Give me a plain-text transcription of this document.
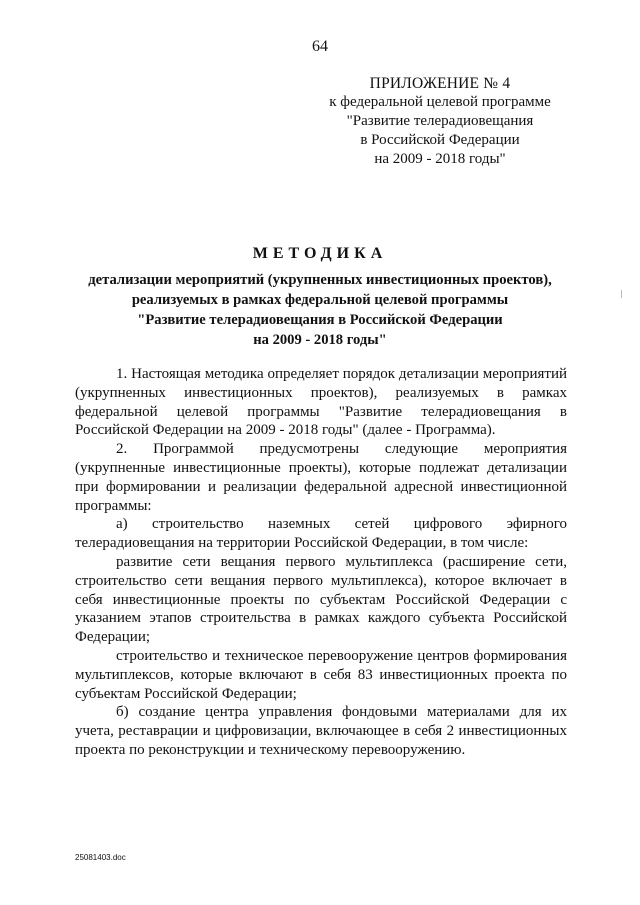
64
ПРИЛОЖЕНИЕ № 4
к федеральной целевой программе
"Развитие телерадиовещания
в Российской Федерации
на 2009 - 2018 годы"
МЕТОДИКА
детализации мероприятий (укрупненных инвестиционных проектов),
реализуемых в рамках федеральной целевой программы
"Развитие телерадиовещания в Российской Федерации
на 2009 - 2018 годы"

1. Настоящая методика определяет порядок детализации мероприятий (укрупненных инвестиционных проектов), реализуемых в рамках федеральной целевой программы "Развитие телерадиовещания в Российской Федерации на 2009 - 2018 годы" (далее - Программа).

2. Программой предусмотрены следующие мероприятия (укрупненные инвестиционные проекты), которые подлежат детализации при формировании и реализации федеральной адресной инвестиционной программы:

а) строительство наземных сетей цифрового эфирного телерадиовещания на территории Российской Федерации, в том числе:

развитие сети вещания первого мультиплекса (расширение сети, строительство сети вещания первого мультиплекса), которое включает в себя инвестиционные проекты по субъектам Российской Федерации с указанием этапов строительства в рамках каждого субъекта Российской Федерации;

строительство и техническое перевооружение центров формирования мультиплексов, которые включают в себя 83 инвестиционных проекта по субъектам Российской Федерации;

б) создание центра управления фондовыми материалами для их учета, реставрации и цифровизации, включающее в себя 2 инвестиционных проекта по реконструкции и техническому перевооружению.

25081403.doc
